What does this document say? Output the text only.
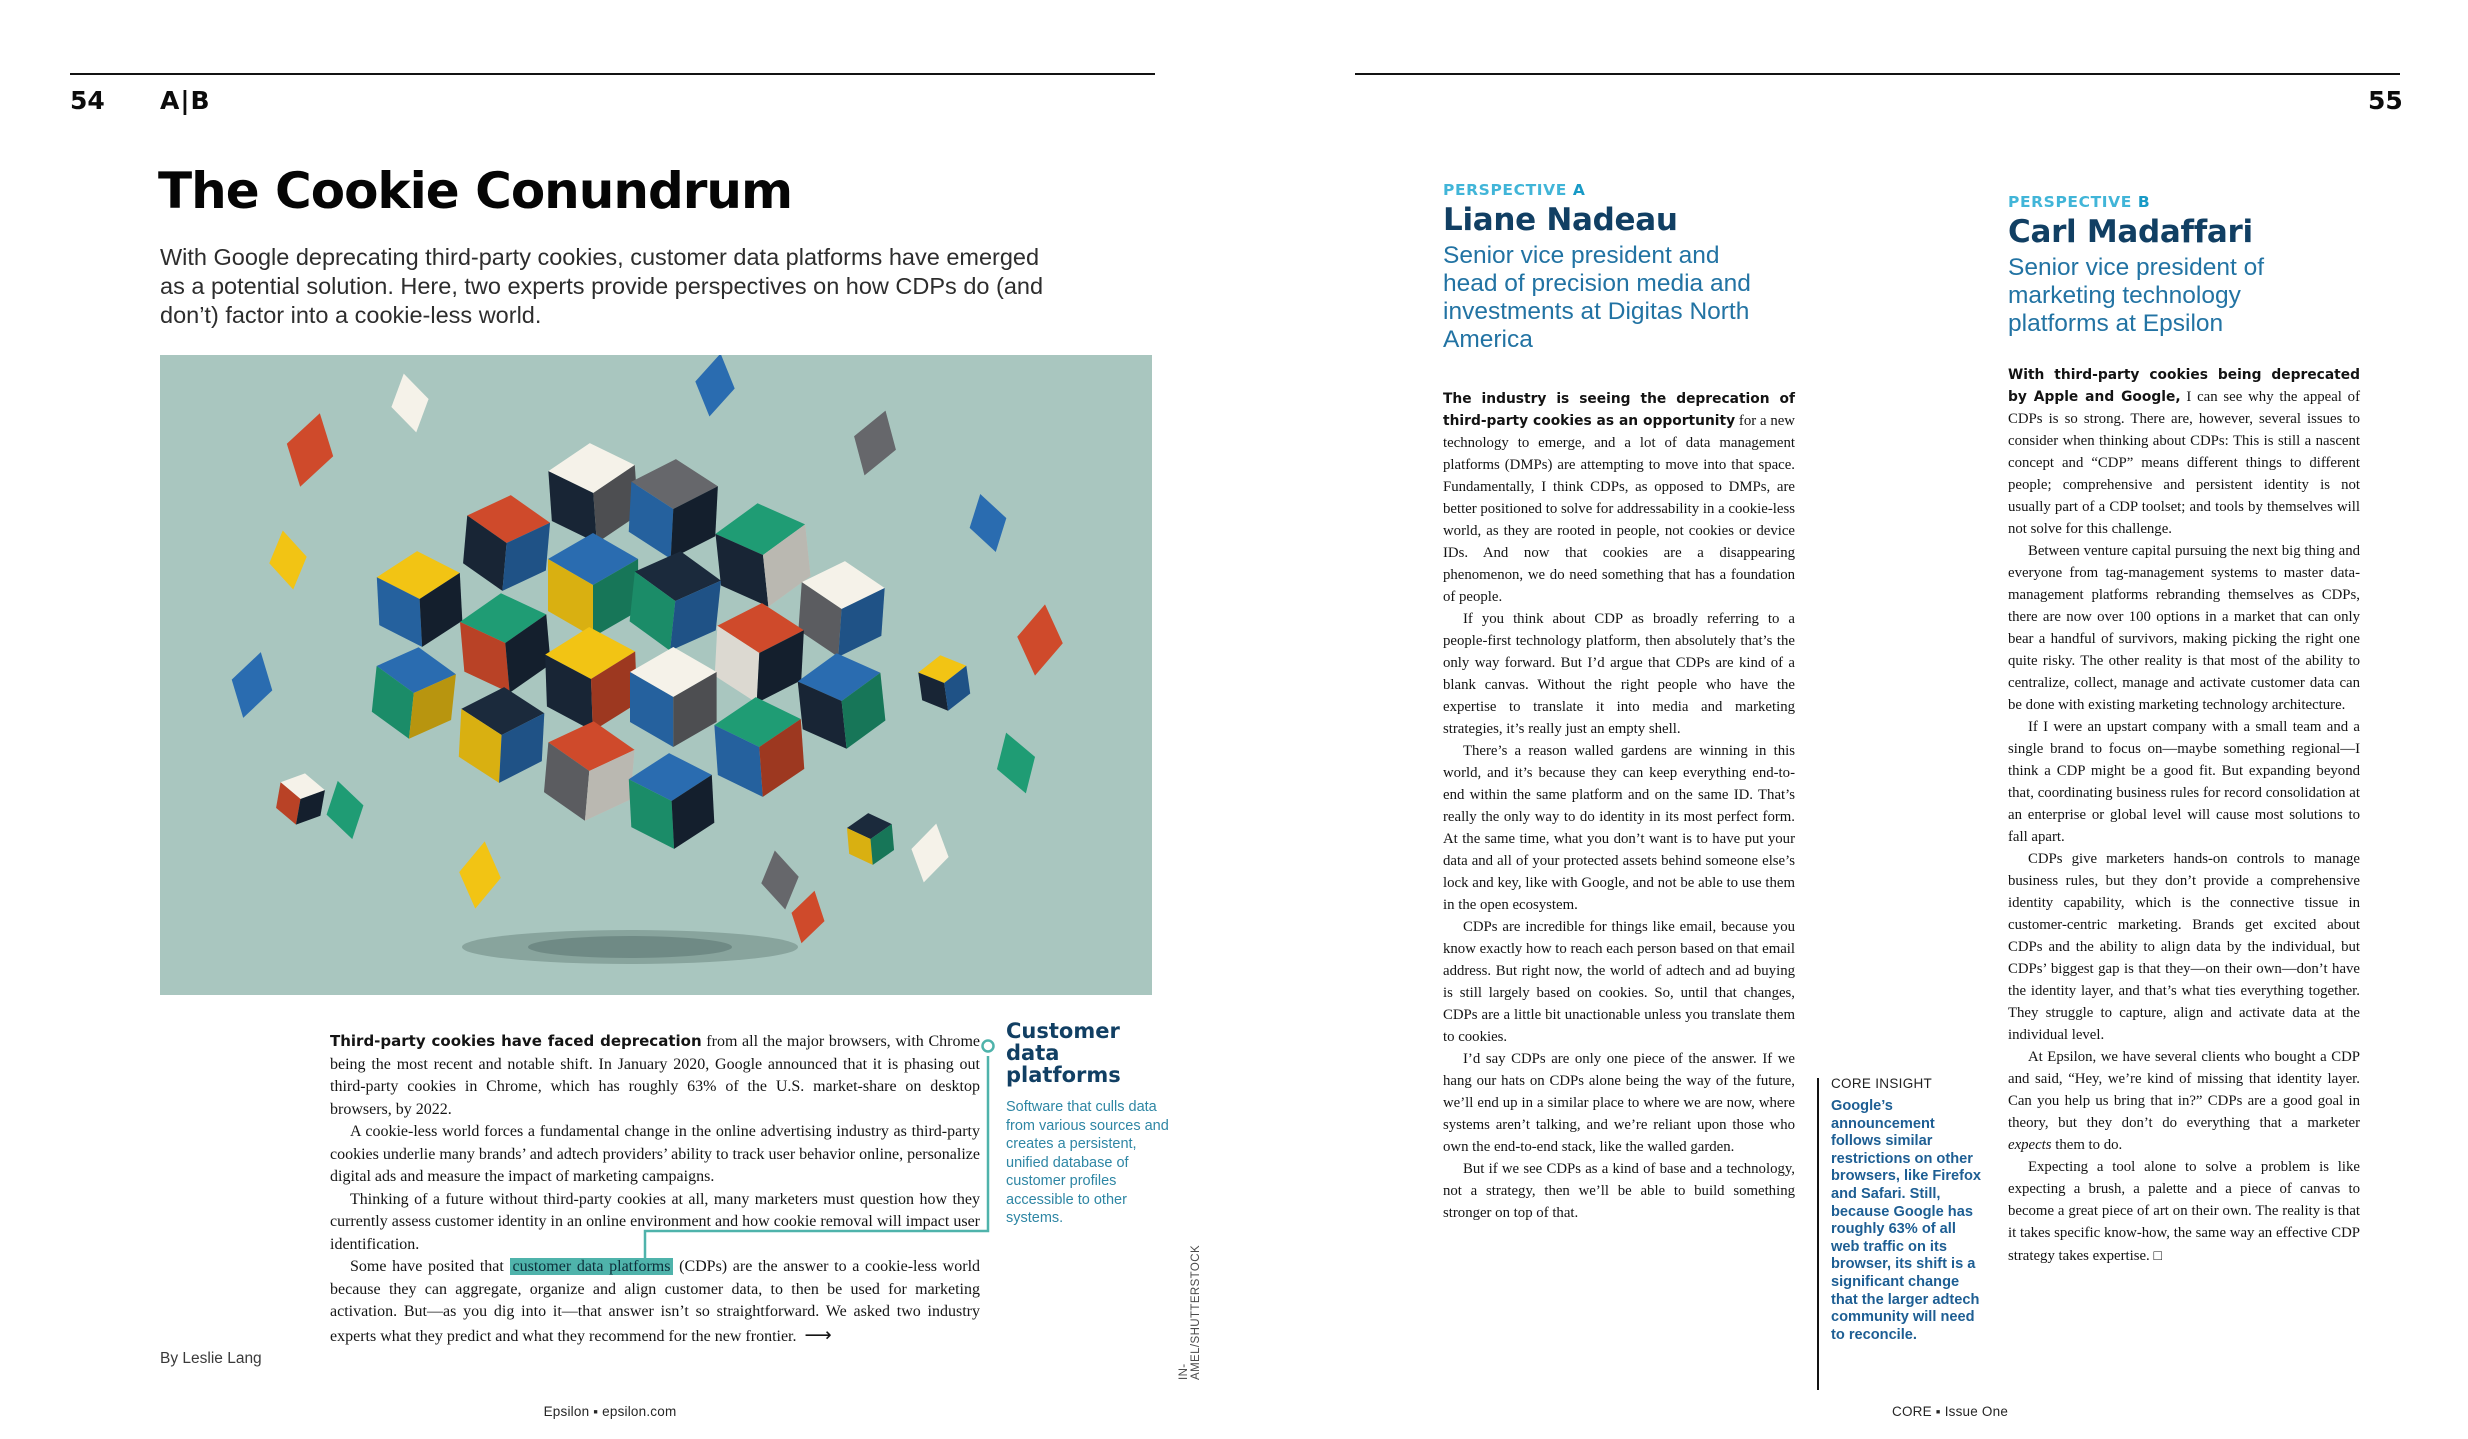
54 A|B
The Cookie Conundrum
With Google deprecating third-party cookies, customer data platforms have emerged as a potential solution. Here, two experts provide perspectives on how CDPs do (and don’t) factor into a cookie-less world.

Third-party cookies have faced deprecation from all the major browsers, with Chrome being the most recent and notable shift. In January 2020, Google announced that it is phasing out third-party cookies in Chrome, which has roughly 63% of the U.S. market-share on desktop browsers, by 2022.

A cookie-less world forces a fundamental change in the online advertising industry as third-party cookies underlie many brands’ and adtech providers’ ability to track user behavior online, personalize digital ads and measure the impact of marketing campaigns.

Thinking of a future without third-party cookies at all, many marketers must question how they currently assess customer identity in an online environment and how cookie removal will impact user identification.

Some have posited that customer data platforms (CDPs) are the answer to a cookie-less world because they can aggregate, organize and align customer data, to then be used for marketing activation. But—as you dig into it—that answer isn’t so straightforward. We asked two industry experts what they predict and what they recommend for the new frontier. ⟶

Customer data platforms
Software that culls data from various sources and creates a persistent, unified database of customer profiles accessible to other systems.
IN-AMEL/SHUTTERSTOCK
By Leslie Lang
Epsilon ▪ epsilon.com
55
PERSPECTIVE A
Liane Nadeau
Senior vice president and head of precision media and investments at Digitas North America

The industry is seeing the deprecation of third-party cookies as an opportunity for a new technology to emerge, and a lot of data management platforms (DMPs) are attempting to move into that space. Fundamentally, I think CDPs, as opposed to DMPs, are better positioned to solve for addressability in a cookie-less world, as they are rooted in people, not cookies or device IDs. And now that cookies are a disappearing phenomenon, we do need something that has a foundation of people.

If you think about CDP as broadly referring to a people-first technology platform, then absolutely that’s the only way forward. But I’d argue that CDPs are kind of a blank canvas. Without the right people who have the expertise to translate it into media and marketing strategies, it’s really just an empty shell.

There’s a reason walled gardens are winning in this world, and it’s because they can keep everything end-to-end within the same platform and on the same ID. That’s really the only way to do identity in its most perfect form. At the same time, what you don’t want is to have put your data and all of your protected assets behind someone else’s lock and key, like with Google, and not be able to use them in the open ecosystem.

CDPs are incredible for things like email, because you know exactly how to reach each person based on that email address. But right now, the world of adtech and ad buying is still largely based on cookies. So, until that changes, CDPs are a little bit unactionable unless you translate them to cookies.

I’d say CDPs are only one piece of the answer. If we hang our hats on CDPs alone being the way of the future, we’ll end up in a similar place to where we are now, where systems aren’t talking, and we’re reliant upon those who own the end-to-end stack, like the walled garden.

But if we see CDPs as a kind of base and a technology, not a strategy, then we’ll be able to build something stronger on top of that.

CORE INSIGHT
Google’s announcement follows similar restrictions on other browsers, like Firefox and Safari. Still, because Google has roughly 63% of all web traffic on its browser, its shift is a significant change that the larger adtech community will need to reconcile.
PERSPECTIVE B
Carl Madaffari
Senior vice president of marketing technology platforms at Epsilon

With third-party cookies being deprecated by Apple and Google, I can see why the appeal of CDPs is so strong. There are, however, several issues to consider when thinking about CDPs: This is still a nascent concept and “CDP” means different things to different people; comprehensive and persistent identity is not usually part of a CDP toolset; and tools by themselves will not solve for this challenge.

Between venture capital pursuing the next big thing and everyone from tag-management systems to master data-management platforms rebranding themselves as CDPs, there are now over 100 options in a market that can only bear a handful of survivors, making picking the right one quite risky. The other reality is that most of the ability to centralize, collect, manage and activate customer data can be done with existing marketing technology architecture.

If I were an upstart company with a small team and a single brand to focus on—maybe something regional—I think a CDP might be a good fit. But expanding beyond that, coordinating business rules for record consolidation at an enterprise or global level will cause most solutions to fall apart.

CDPs give marketers hands-on controls to manage business rules, but they don’t provide a comprehensive identity capability, which is the connective tissue in customer-centric marketing. Brands get excited about CDPs and the ability to align data by the individual, but CDPs’ biggest gap is that they—on their own—don’t have the identity layer, and that’s what ties everything together. They struggle to capture, align and activate data at the individual level.

At Epsilon, we have several clients who bought a CDP and said, “Hey, we’re kind of missing that identity layer. Can you help us bring that in?” CDPs are a good goal in theory, but they don’t do everything that a marketer expects them to do.

Expecting a tool alone to solve a problem is like expecting a brush, a palette and a piece of canvas to become a great piece of art on their own. The reality is that it takes specific know-how, the same way an effective CDP strategy takes expertise. □

CORE ▪ Issue One
